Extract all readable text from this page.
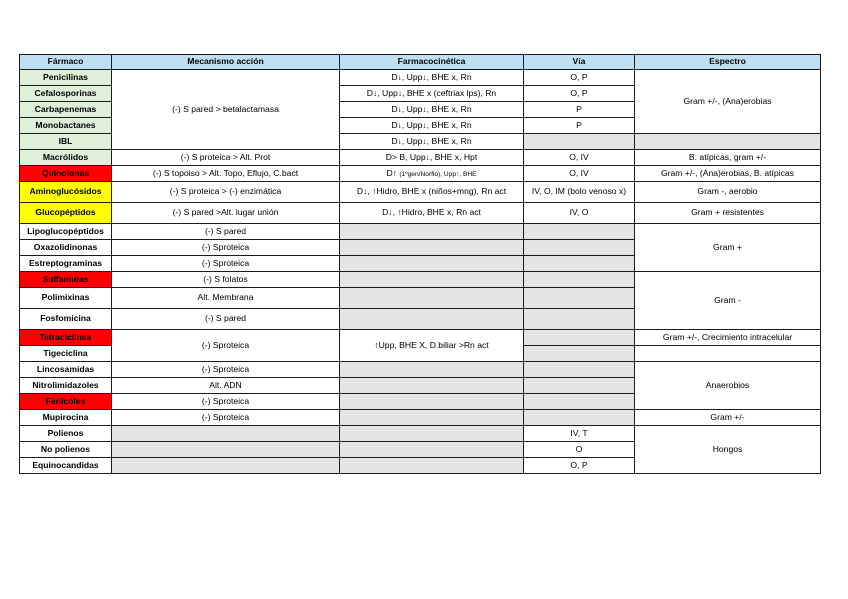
Fármaco	Mecanismo acción	Farmacocinética	Vía	Espectro
Penicilinas	(-) S pared > betalactamasa	D↓, Upp↓, BHE x, Rn	O, P	Gram +/-, (Ana)erobias
Cefalosporinas		D↓, Upp↓, BHE x (ceftriax lps), Rn	O, P	
Carbapenemas		D↓, Upp↓, BHE x, Rn	P	
Monobactanes		D↓, Upp↓, BHE x, Rn	P	
IBL		D↓, Upp↓, BHE x, Rn		
Macrólidos	(-) S proteica > Alt. Prot	D> B, Upp↓, BHE x, Hpt	O, IV	B. atípicas, gram +/-
Quinolonas	(-) S topoiso > Alt. Topo, Eflujo, C.bact	D↑ (1ºgen/Norflo), Upp↑, BHE	O, IV	Gram +/-, (Ana)erobias, B. atípicas
Aminoglucósidos	(-) S proteica > (-) enzimática	D↓, ↑Hidro, BHE x (niños+mng), Rn act	IV, O, IM (bolo venoso x)	Gram -, aerobio
Glucopéptidos	(-) S pared >Alt. lugar unión	D↓, ↑Hidro, BHE x, Rn act	IV, O	Gram + resistentes
Lipoglucopéptidos	(-) S pared			Gram +
Oxazolidinonas	(-) Sproteica			
Estreptograminas	(-) Sproteica			
Sulfamidas	(-) S folatos			Gram -
Polimixinas	Alt. Membrana			
Fosfomicina	(-) S pared			
Tetraciclinas	(-) Sproteica	↑Upp, BHE X, D.biliar >Rn act		Gram +/-, Crecimiento intracelular
Tigeciclina				
Lincosamidas	(-) Sproteica			Anaerobios
Nitrolimidazoles	Alt. ADN			
Fenicoles	(-) Sproteica			
Mupirocina	(-) Sproteica			Gram +/-
Polienos			IV, T	Hongos
No polienos			O	
Equinocandidas			O, P	
